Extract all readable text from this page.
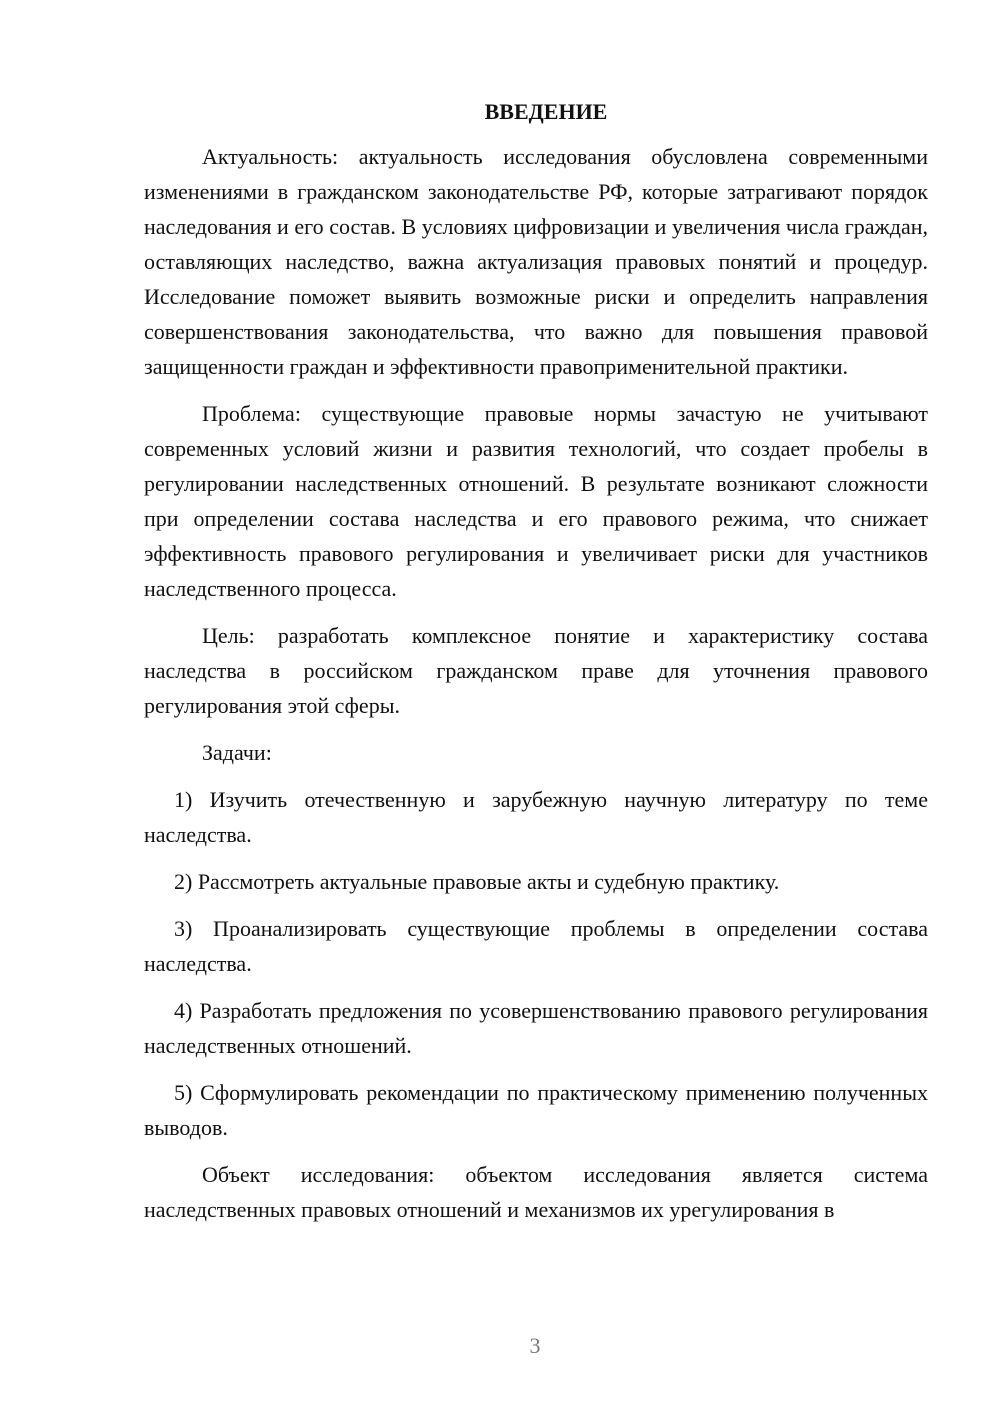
ВВЕДЕНИЕ

Актуальность: актуальность исследования обусловлена современными изменениями в гражданском законодательстве РФ, которые затрагивают порядок наследования и его состав. В условиях цифровизации и увеличения числа граждан, оставляющих наследство, важна актуализация правовых понятий и процедур. Исследование поможет выявить возможные риски и определить направления совершенствования законодательства, что важно для повышения правовой защищенности граждан и эффективности правоприменительной практики.

Проблема: существующие правовые нормы зачастую не учитывают современных условий жизни и развития технологий, что создает пробелы в регулировании наследственных отношений. В результате возникают сложности при определении состава наследства и его правового режима, что снижает эффективность правового регулирования и увеличивает риски для участников наследственного процесса.

Цель: разработать комплексное понятие и характеристику состава наследства в российском гражданском праве для уточнения правового регулирования этой сферы.

Задачи:

1) Изучить отечественную и зарубежную научную литературу по теме наследства.

2) Рассмотреть актуальные правовые акты и судебную практику.

3) Проанализировать существующие проблемы в определении состава наследства.

4) Разработать предложения по усовершенствованию правового регулирования наследственных отношений.

5) Сформулировать рекомендации по практическому применению полученных выводов.

Объект исследования: объектом исследования является система наследственных правовых отношений и механизмов их урегулирования в

3
